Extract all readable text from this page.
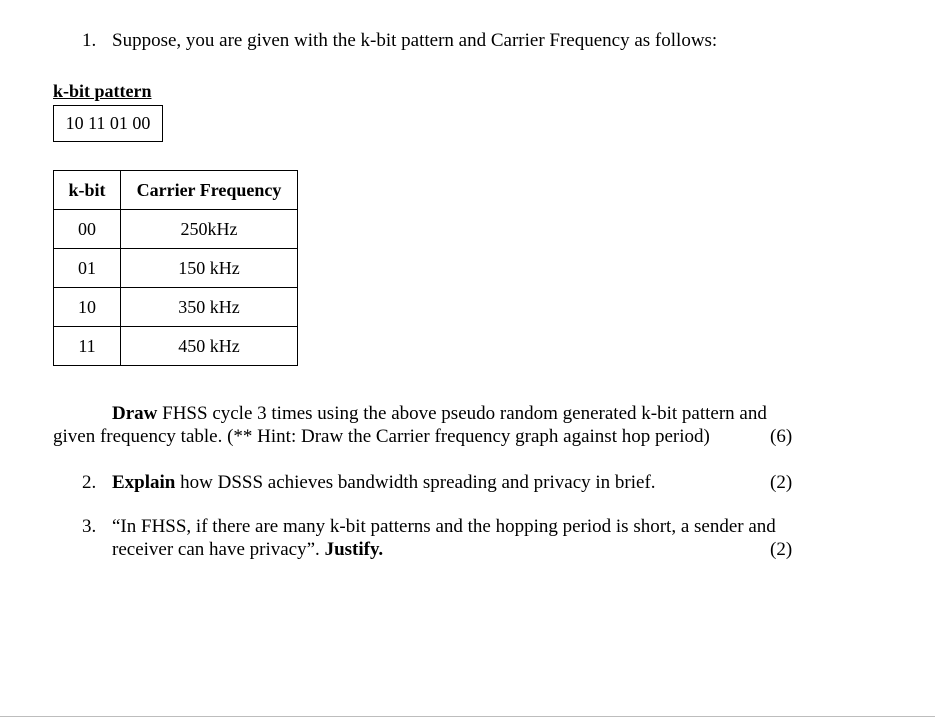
1. Suppose, you are given with the k-bit pattern and Carrier Frequency as follows:
k-bit pattern
10 11 01 00
k-bit	Carrier Frequency
00	250kHz
01	150 kHz
10	350 kHz
11	450 kHz
Draw FHSS cycle 3 times using the above pseudo random generated k-bit pattern and
given frequency table. (** Hint: Draw the Carrier frequency graph against hop period)	(6)
2. Explain how DSSS achieves bandwidth spreading and privacy in brief.	(2)
3. “In FHSS, if there are many k-bit patterns and the hopping period is short, a sender and
receiver can have privacy”. Justify.	(2)
